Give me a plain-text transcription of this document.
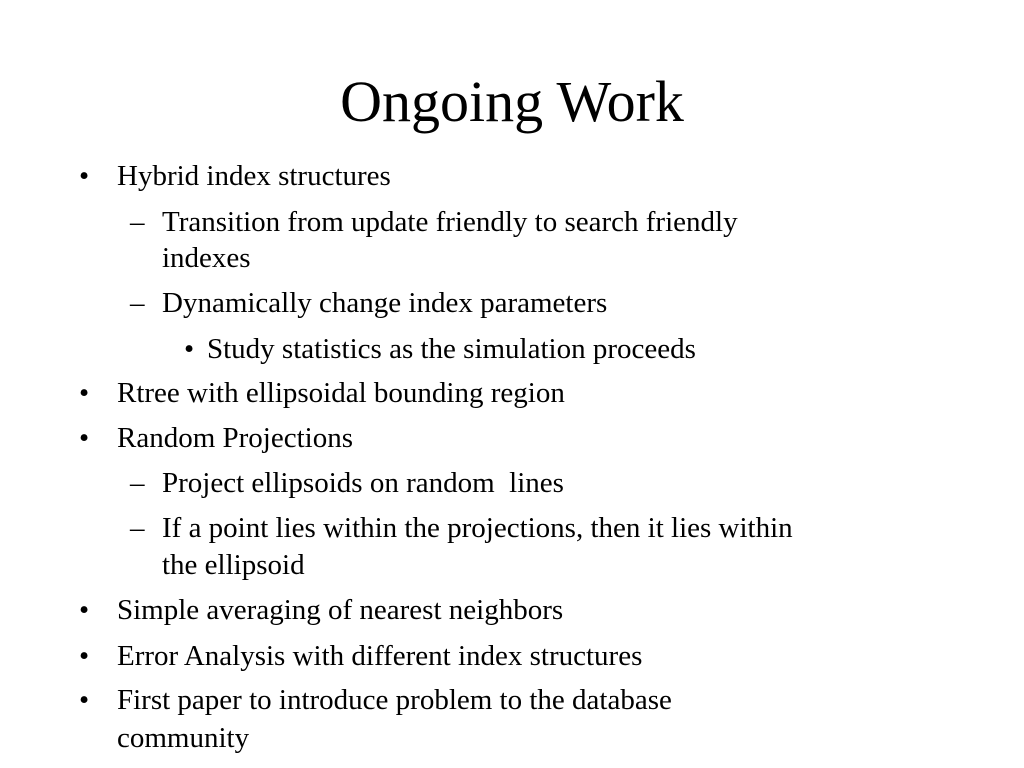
Ongoing Work
• Hybrid index structures
– Transition from update friendly to search friendly
indexes
– Dynamically change index parameters
• Study statistics as the simulation proceeds
• Rtree with ellipsoidal bounding region
• Random Projections
– Project ellipsoids on random  lines
– If a point lies within the projections, then it lies within
the ellipsoid
• Simple averaging of nearest neighbors
• Error Analysis with different index structures
• First paper to introduce problem to the database
community
